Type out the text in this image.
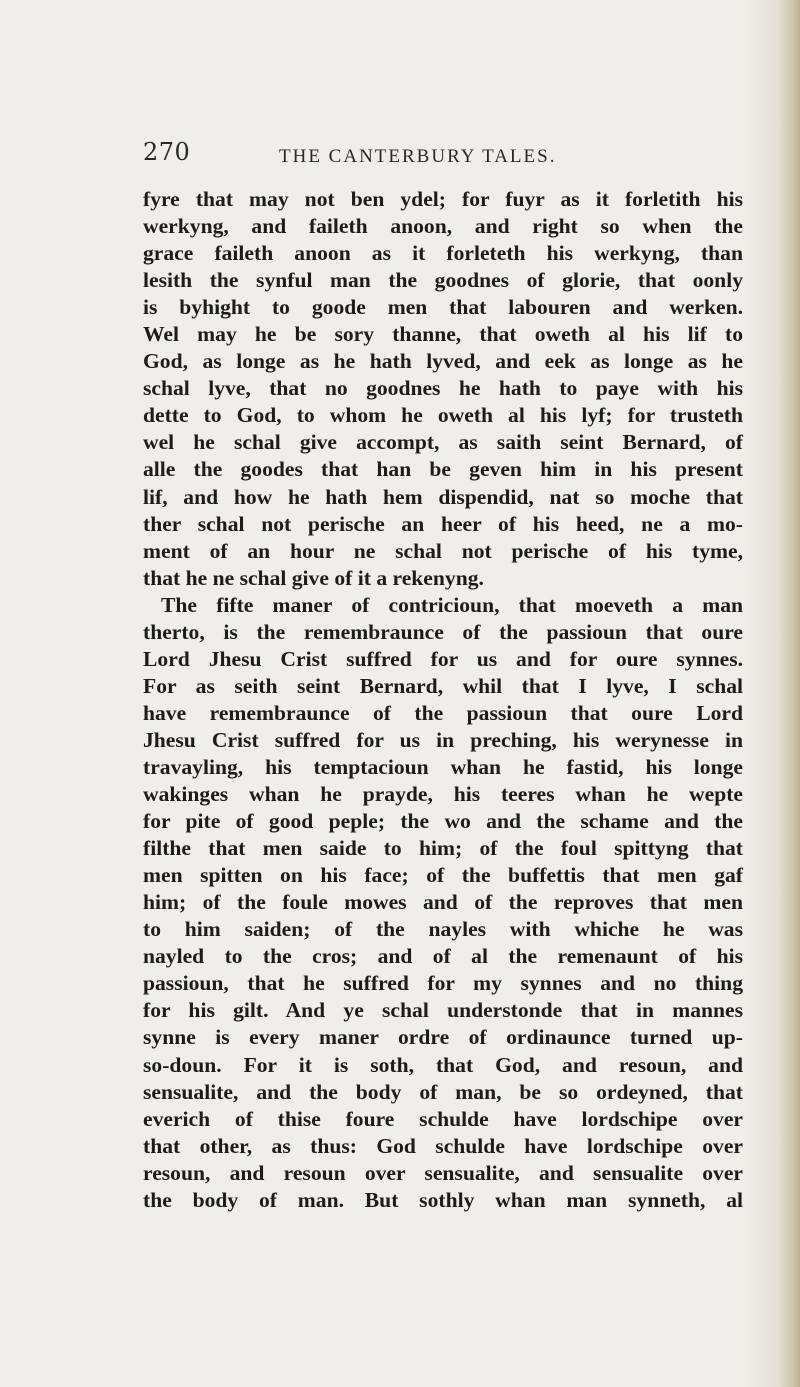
270	THE CANTERBURY TALES.
fyre that may not ben ydel; for fuyr as it forletith his
werkyng, and faileth anoon, and right so when the
grace faileth anoon as it forleteth his werkyng, than
lesith the synful man the goodnes of glorie, that oonly
is byhight to goode men that labouren and werken.
Wel may he be sory thanne, that oweth al his lif to
God, as longe as he hath lyved, and eek as longe as he
schal lyve, that no goodnes he hath to paye with his
dette to God, to whom he oweth al his lyf; for trusteth
wel he schal give accompt, as saith seint Bernard, of
alle the goodes that han be geven him in his present
lif, and how he hath hem dispendid, nat so moche that
ther schal not perische an heer of his heed, ne a mo-
ment of an hour ne schal not perische of his tyme,
that he ne schal give of it a rekenyng.
The fifte maner of contricioun, that moeveth a man
therto, is the remembraunce of the passioun that oure
Lord Jhesu Crist suffred for us and for oure synnes.
For as seith seint Bernard, whil that I lyve, I schal
have remembraunce of the passioun that oure Lord
Jhesu Crist suffred for us in preching, his werynesse in
travayling, his temptacioun whan he fastid, his longe
wakinges whan he prayde, his teeres whan he wepte
for pite of good peple; the wo and the schame and the
filthe that men saide to him; of the foul spittyng that
men spitten on his face; of the buffettis that men gaf
him; of the foule mowes and of the reproves that men
to him saiden; of the nayles with whiche he was
nayled to the cros; and of al the remenaunt of his
passioun, that he suffred for my synnes and no thing
for his gilt. And ye schal understonde that in mannes
synne is every maner ordre of ordinaunce turned up-
so-doun. For it is soth, that God, and resoun, and
sensualite, and the body of man, be so ordeyned, that
everich of thise foure schulde have lordschipe over
that other, as thus: God schulde have lordschipe over
resoun, and resoun over sensualite, and sensualite over
the body of man. But sothly whan man synneth, al
